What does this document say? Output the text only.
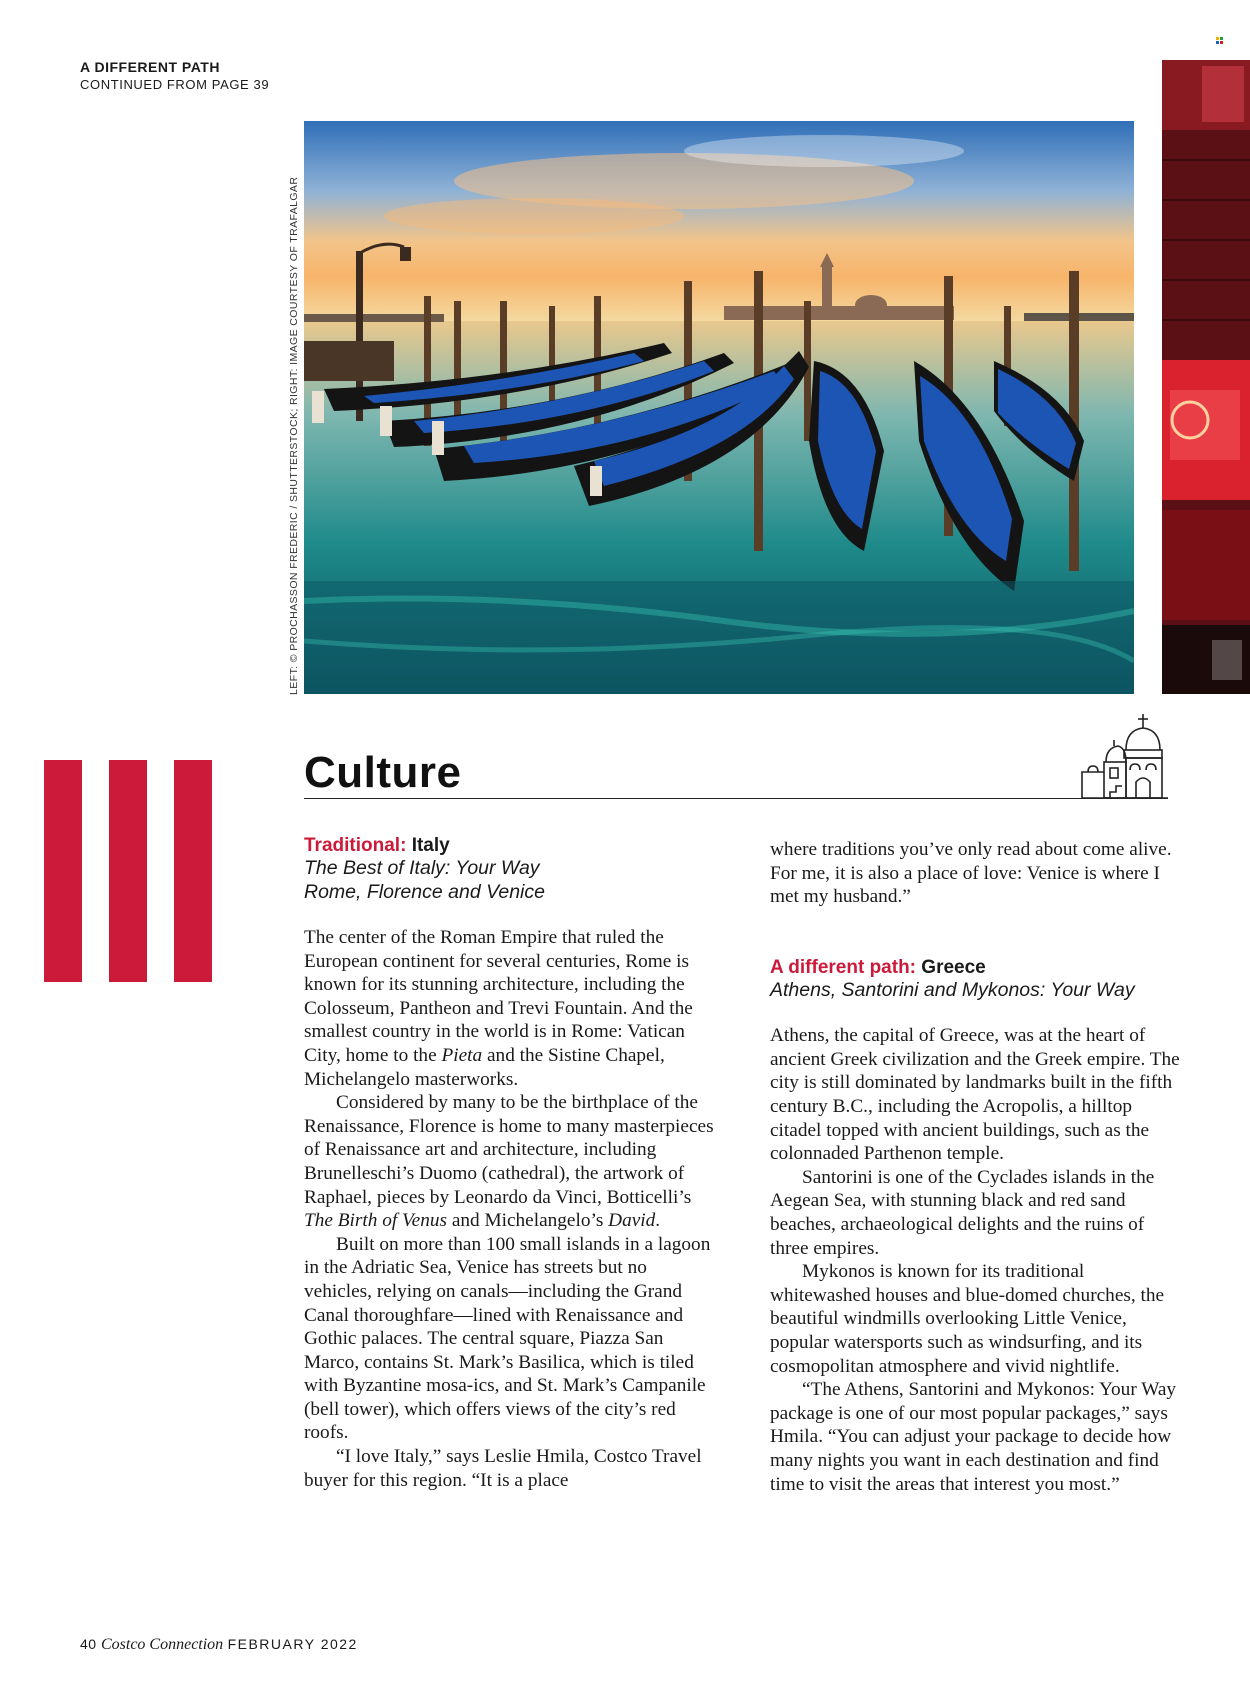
A DIFFERENT PATH
CONTINUED FROM PAGE 39
LEFT: © PROCHASSON FREDERIC / SHUTTERSTOCK; RIGHT: IMAGE COURTESY OF TRAFALGAR
Culture
Traditional: Italy
The Best of Italy: Your Way
Rome, Florence and Venice

The center of the Roman Empire that ruled the European continent for several centuries, Rome is known for its stunning architecture, including the Colosseum, Pantheon and Trevi Fountain. And the smallest country in the world is in Rome: Vatican City, home to the Pieta and the Sistine Chapel, Michelangelo masterworks.

Considered by many to be the birthplace of the Renaissance, Florence is home to many masterpieces of Renaissance art and architecture, including Brunelleschi’s Duomo (cathedral), the artwork of Raphael, pieces by Leonardo da Vinci, Botticelli’s The Birth of Venus and Michelangelo’s David.

Built on more than 100 small islands in a lagoon in the Adriatic Sea, Venice has streets but no vehicles, relying on canals—including the Grand Canal thoroughfare—lined with Renaissance and Gothic palaces. The central square, Piazza San Marco, contains St. Mark’s Basilica, which is tiled with Byzantine mosa-ics, and St. Mark’s Campanile (bell tower), which offers views of the city’s red roofs.

“I love Italy,” says Leslie Hmila, Costco Travel buyer for this region. “It is a place

where traditions you’ve only read about come alive. For me, it is also a place of love: Venice is where I met my husband.”

A different path: Greece
Athens, Santorini and Mykonos: Your Way

Athens, the capital of Greece, was at the heart of ancient Greek civilization and the Greek empire. The city is still dominated by landmarks built in the fifth century B.C., including the Acropolis, a hilltop citadel topped with ancient buildings, such as the colonnaded Parthenon temple.

Santorini is one of the Cyclades islands in the Aegean Sea, with stunning black and red sand beaches, archaeological delights and the ruins of three empires.

Mykonos is known for its traditional whitewashed houses and blue-domed churches, the beautiful windmills overlooking Little Venice, popular watersports such as windsurfing, and its cosmopolitan atmosphere and vivid nightlife.

“The Athens, Santorini and Mykonos: Your Way package is one of our most popular packages,” says Hmila. “You can adjust your package to decide how many nights you want in each destination and find time to visit the areas that interest you most.”

40 Costco Connection FEBRUARY 2022
